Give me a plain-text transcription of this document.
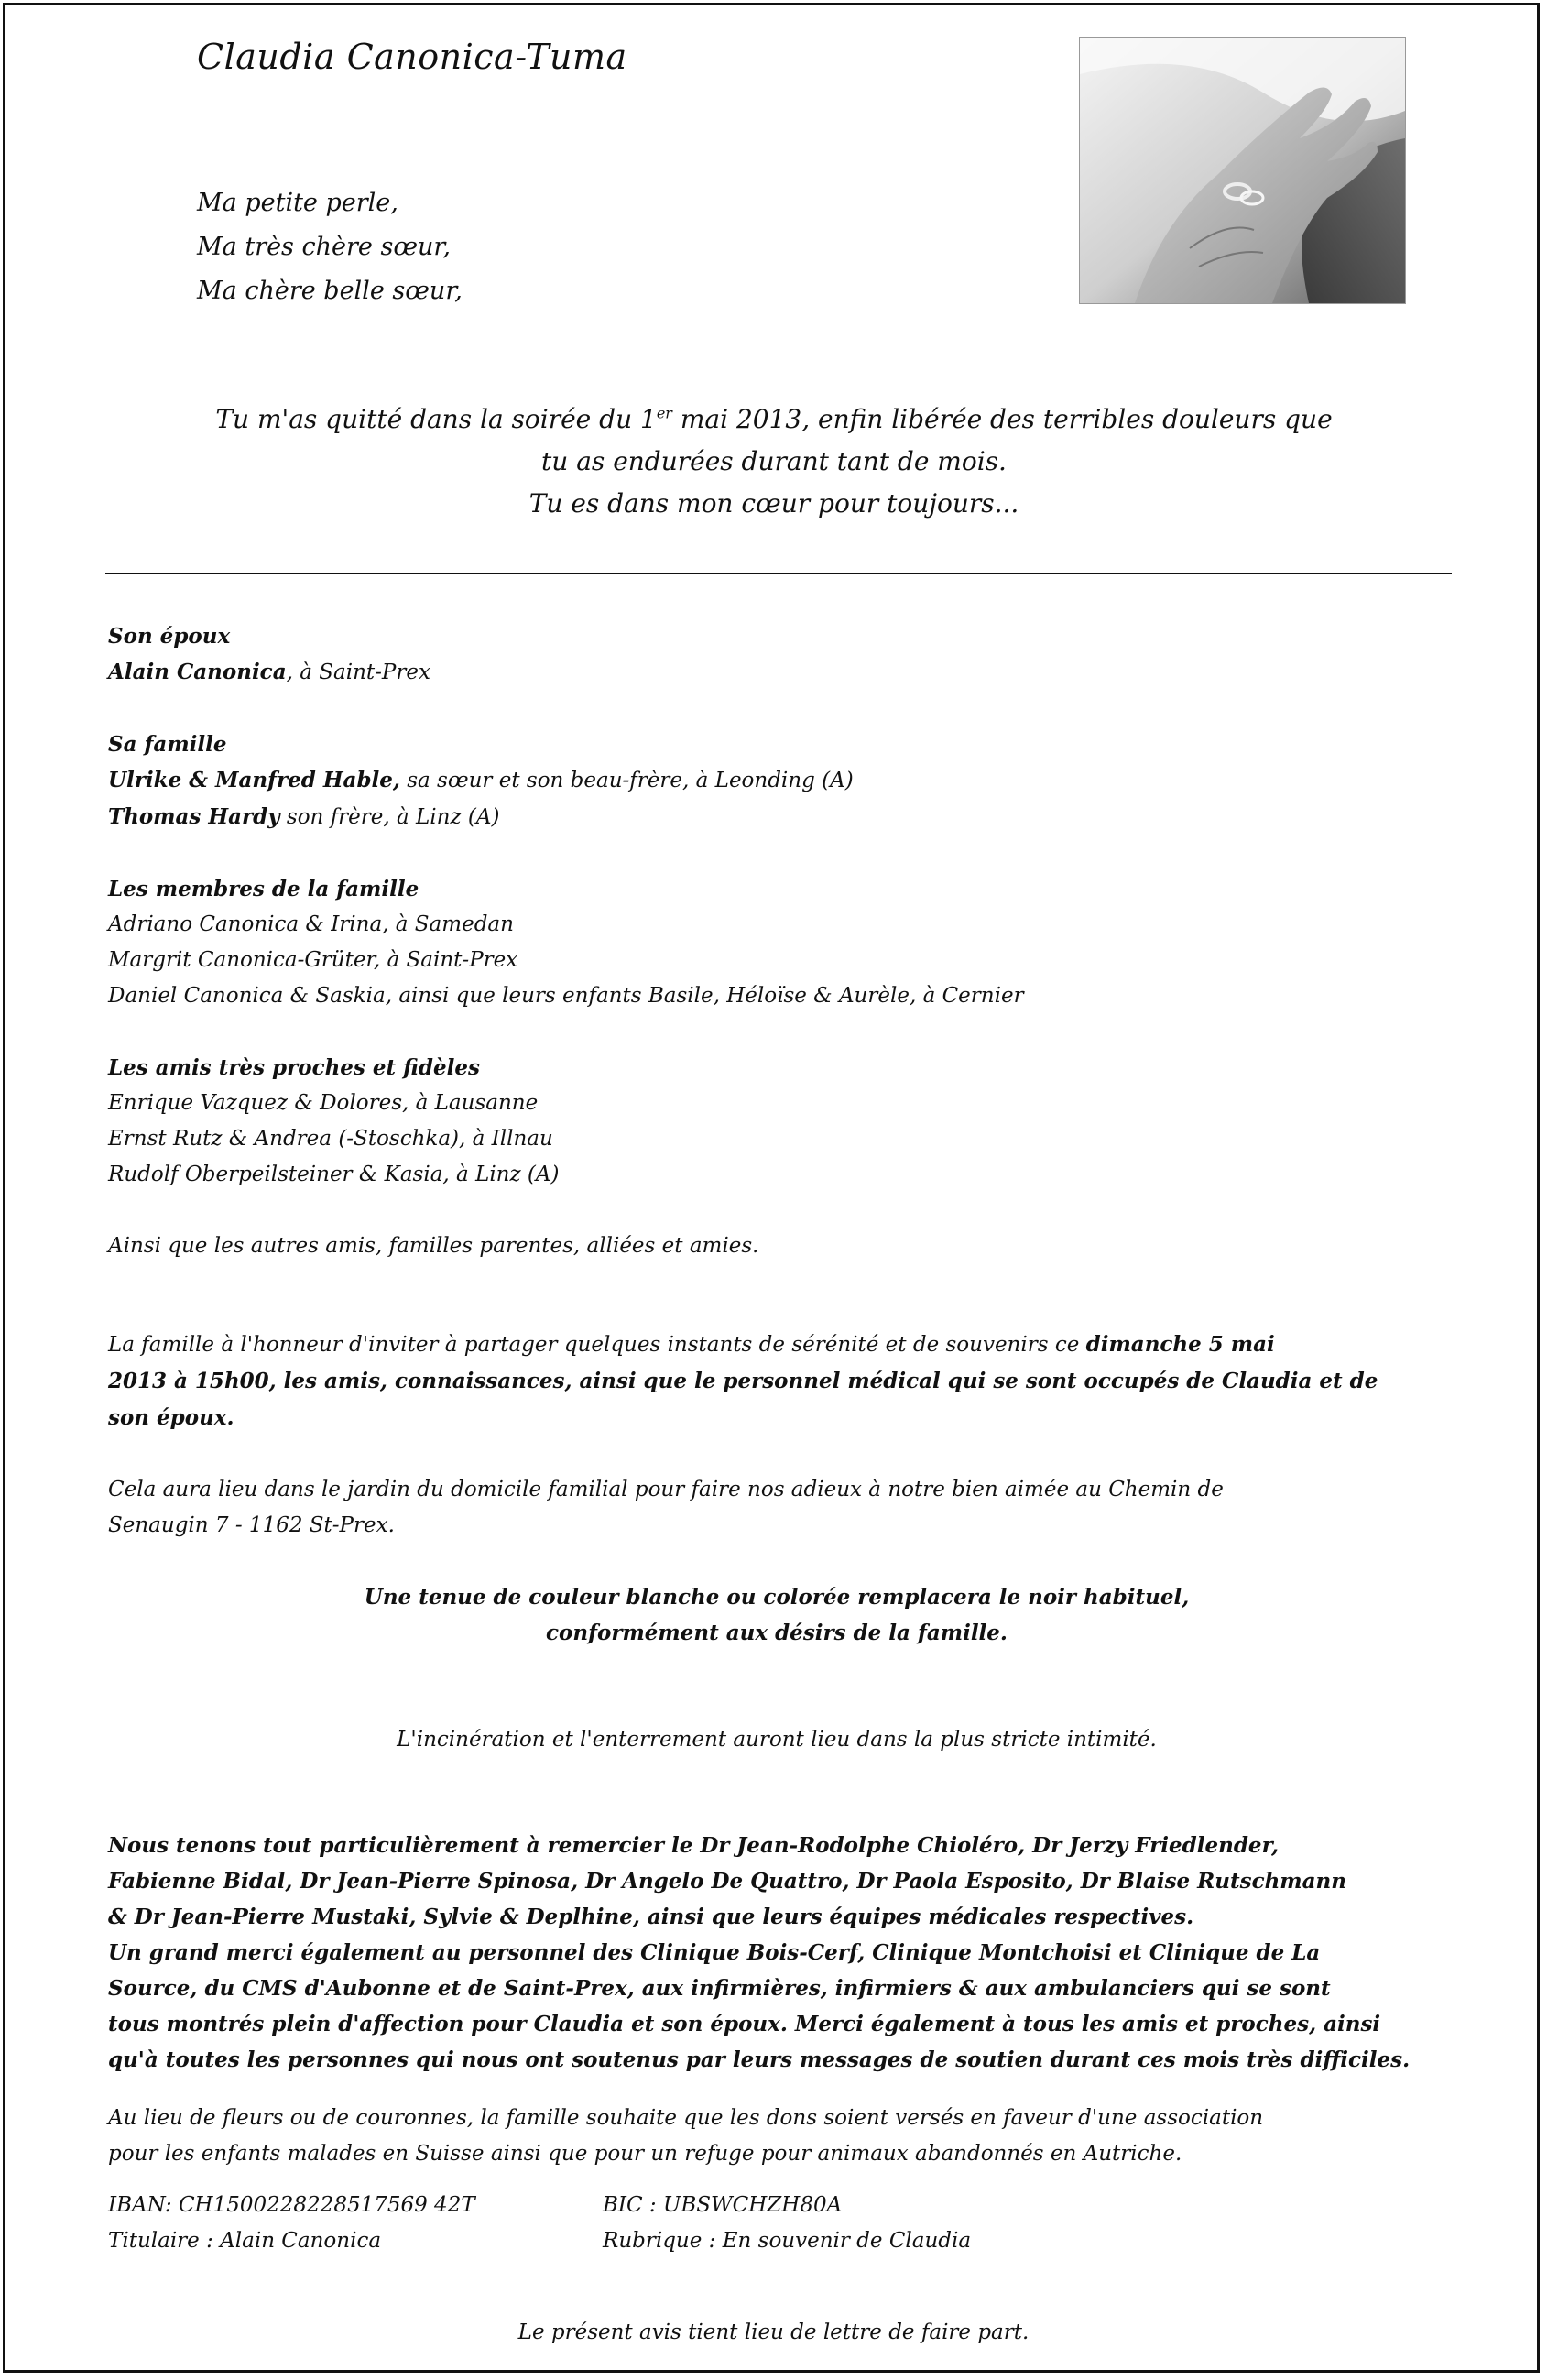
Claudia Canonica-Tuma
Ma petite perle,
Ma très chère sœur,
Ma chère belle sœur,
Tu m'as quitté dans la soirée du 1er mai 2013, enfin libérée des terribles douleurs que
tu as endurées durant tant de mois.
Tu es dans mon cœur pour toujours...
Son époux
Alain Canonica, à Saint-Prex
Sa famille
Ulrike & Manfred Hable, sa sœur et son beau-frère, à Leonding (A)
Thomas Hardy son frère, à Linz (A)
Les membres de la famille
Adriano Canonica & Irina, à Samedan
Margrit Canonica-Grüter, à Saint-Prex
Daniel Canonica & Saskia, ainsi que leurs enfants Basile, Héloïse & Aurèle, à Cernier
Les amis très proches et fidèles
Enrique Vazquez & Dolores, à Lausanne
Ernst Rutz & Andrea (-Stoschka), à Illnau
Rudolf Oberpeilsteiner & Kasia, à Linz (A)
Ainsi que les autres amis, familles parentes, alliées et amies.
La famille à l'honneur d'inviter à partager quelques instants de sérénité et de souvenirs ce dimanche 5 mai
2013 à 15h00, les amis, connaissances, ainsi que le personnel médical qui se sont occupés de Claudia et de
son époux.
Cela aura lieu dans le jardin du domicile familial pour faire nos adieux à notre bien aimée au Chemin de
Senaugin 7 - 1162 St-Prex.
Une tenue de couleur blanche ou colorée remplacera le noir habituel,
conformément aux désirs de la famille.
L'incinération et l'enterrement auront lieu dans la plus stricte intimité.
Nous tenons tout particulièrement à remercier le Dr Jean-Rodolphe Chioléro, Dr Jerzy Friedlender,
Fabienne Bidal, Dr Jean-Pierre Spinosa, Dr Angelo De Quattro, Dr Paola Esposito, Dr Blaise Rutschmann
& Dr Jean-Pierre Mustaki, Sylvie & Deplhine, ainsi que leurs équipes médicales respectives.
Un grand merci également au personnel des Clinique Bois-Cerf, Clinique Montchoisi et Clinique de La
Source, du CMS d'Aubonne et de Saint-Prex, aux infirmières, infirmiers & aux ambulanciers qui se sont
tous montrés plein d'affection pour Claudia et son époux. Merci également à tous les amis et proches, ainsi
qu'à toutes les personnes qui nous ont soutenus par leurs messages de soutien durant ces mois très difficiles.
Au lieu de fleurs ou de couronnes, la famille souhaite que les dons soient versés en faveur d'une association
pour les enfants malades en Suisse ainsi que pour un refuge pour animaux abandonnés en Autriche.
IBAN: CH1500228228517569 42T
Titulaire : Alain Canonica
BIC : UBSWCHZH80A
Rubrique : En souvenir de Claudia
Le présent avis tient lieu de lettre de faire part.
